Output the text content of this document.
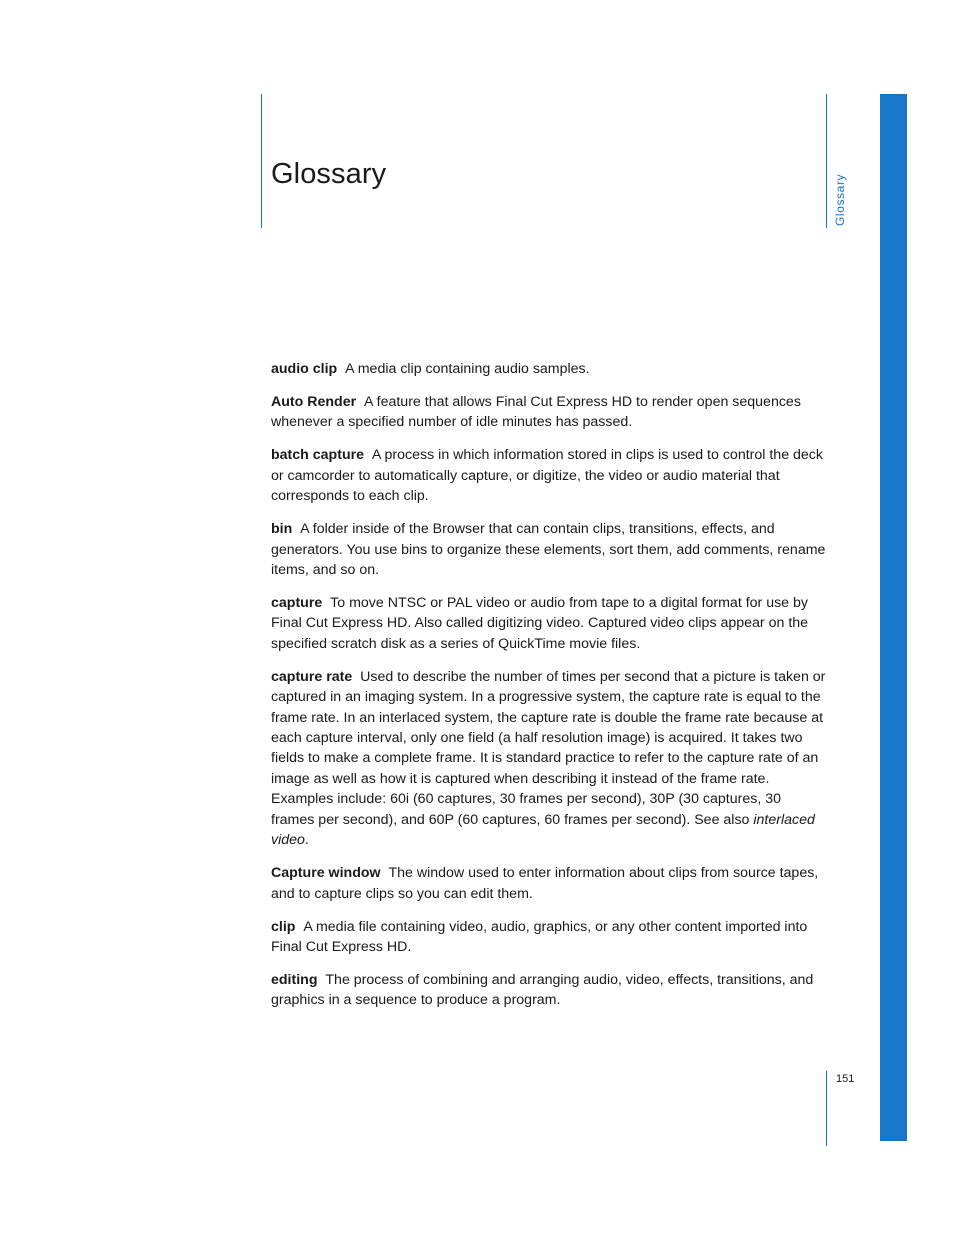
Glossary	Glossary
151

audio clip A media clip containing audio samples.

Auto Render A feature that allows Final Cut Express HD to render open sequences whenever a specified number of idle minutes has passed.

batch capture A process in which information stored in clips is used to control the deck or camcorder to automatically capture, or digitize, the video or audio material that corresponds to each clip.

bin A folder inside of the Browser that can contain clips, transitions, effects, and generators. You use bins to organize these elements, sort them, add comments, rename items, and so on.

capture To move NTSC or PAL video or audio from tape to a digital format for use by Final Cut Express HD. Also called digitizing video. Captured video clips appear on the specified scratch disk as a series of QuickTime movie files.

capture rate Used to describe the number of times per second that a picture is taken or captured in an imaging system. In a progressive system, the capture rate is equal to the frame rate. In an interlaced system, the capture rate is double the frame rate because at each capture interval, only one field (a half resolution image) is acquired. It takes two fields to make a complete frame. It is standard practice to refer to the capture rate of an image as well as how it is captured when describing it instead of the frame rate. Examples include: 60i (60 captures, 30 frames per second), 30P (30 captures, 30 frames per second), and 60P (60 captures, 60 frames per second). See also interlaced video.

Capture window The window used to enter information about clips from source tapes, and to capture clips so you can edit them.

clip A media file containing video, audio, graphics, or any other content imported into Final Cut Express HD.

editing The process of combining and arranging audio, video, effects, transitions, and graphics in a sequence to produce a program.
